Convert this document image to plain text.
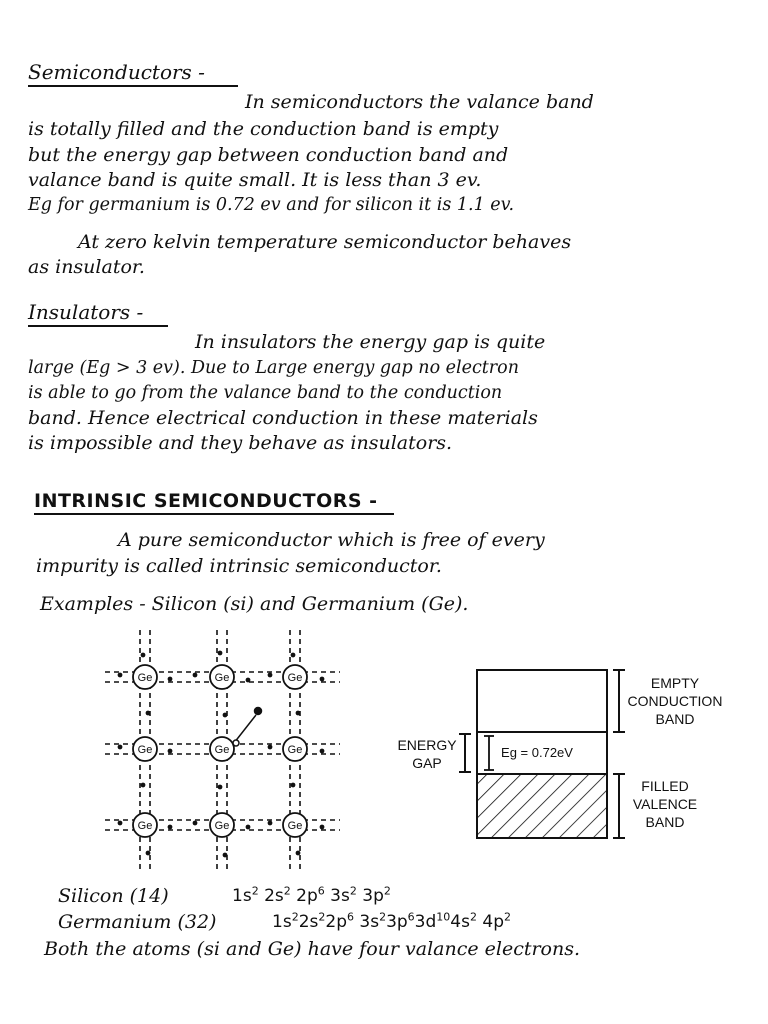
Semiconductors -
In semiconductors the valance band
is totally filled and the conduction band is empty
but the energy gap between conduction band and
valance band is quite small. It is less than 3 ev.
Eg for germanium is 0.72 ev and for silicon it is 1.1 ev.
At zero kelvin temperature semiconductor behaves
as insulator.
Insulators -
In insulators the energy gap is quite
large (Eg > 3 ev). Due to Large energy gap no electron
is able to go from the valance band to the conduction
band. Hence electrical conduction in these materials
is impossible and they behave as insulators.
INTRINSIC SEMICONDUCTORS -
A pure semiconductor which is free of every
impurity is called intrinsic semiconductor.
Examples - Silicon (si) and Germanium (Ge).
Ge	Ge	Ge
Ge	Ge	Ge
Ge	Ge	Ge
EMPTY
CONDUCTION
BAND
ENERGY
GAP
Eg = 0.72eV
FILLED
VALENCE
BAND
Silicon (14)	$1s^2$ $2s^2$ $2p^6$ $3s^2$ $3p^2$
Germanium (32)	$1s^22s^22p^6$ $3s^23p^63d^{10}4s^2$ $4p^2$
Both the atoms (si and Ge) have four valance electrons.
